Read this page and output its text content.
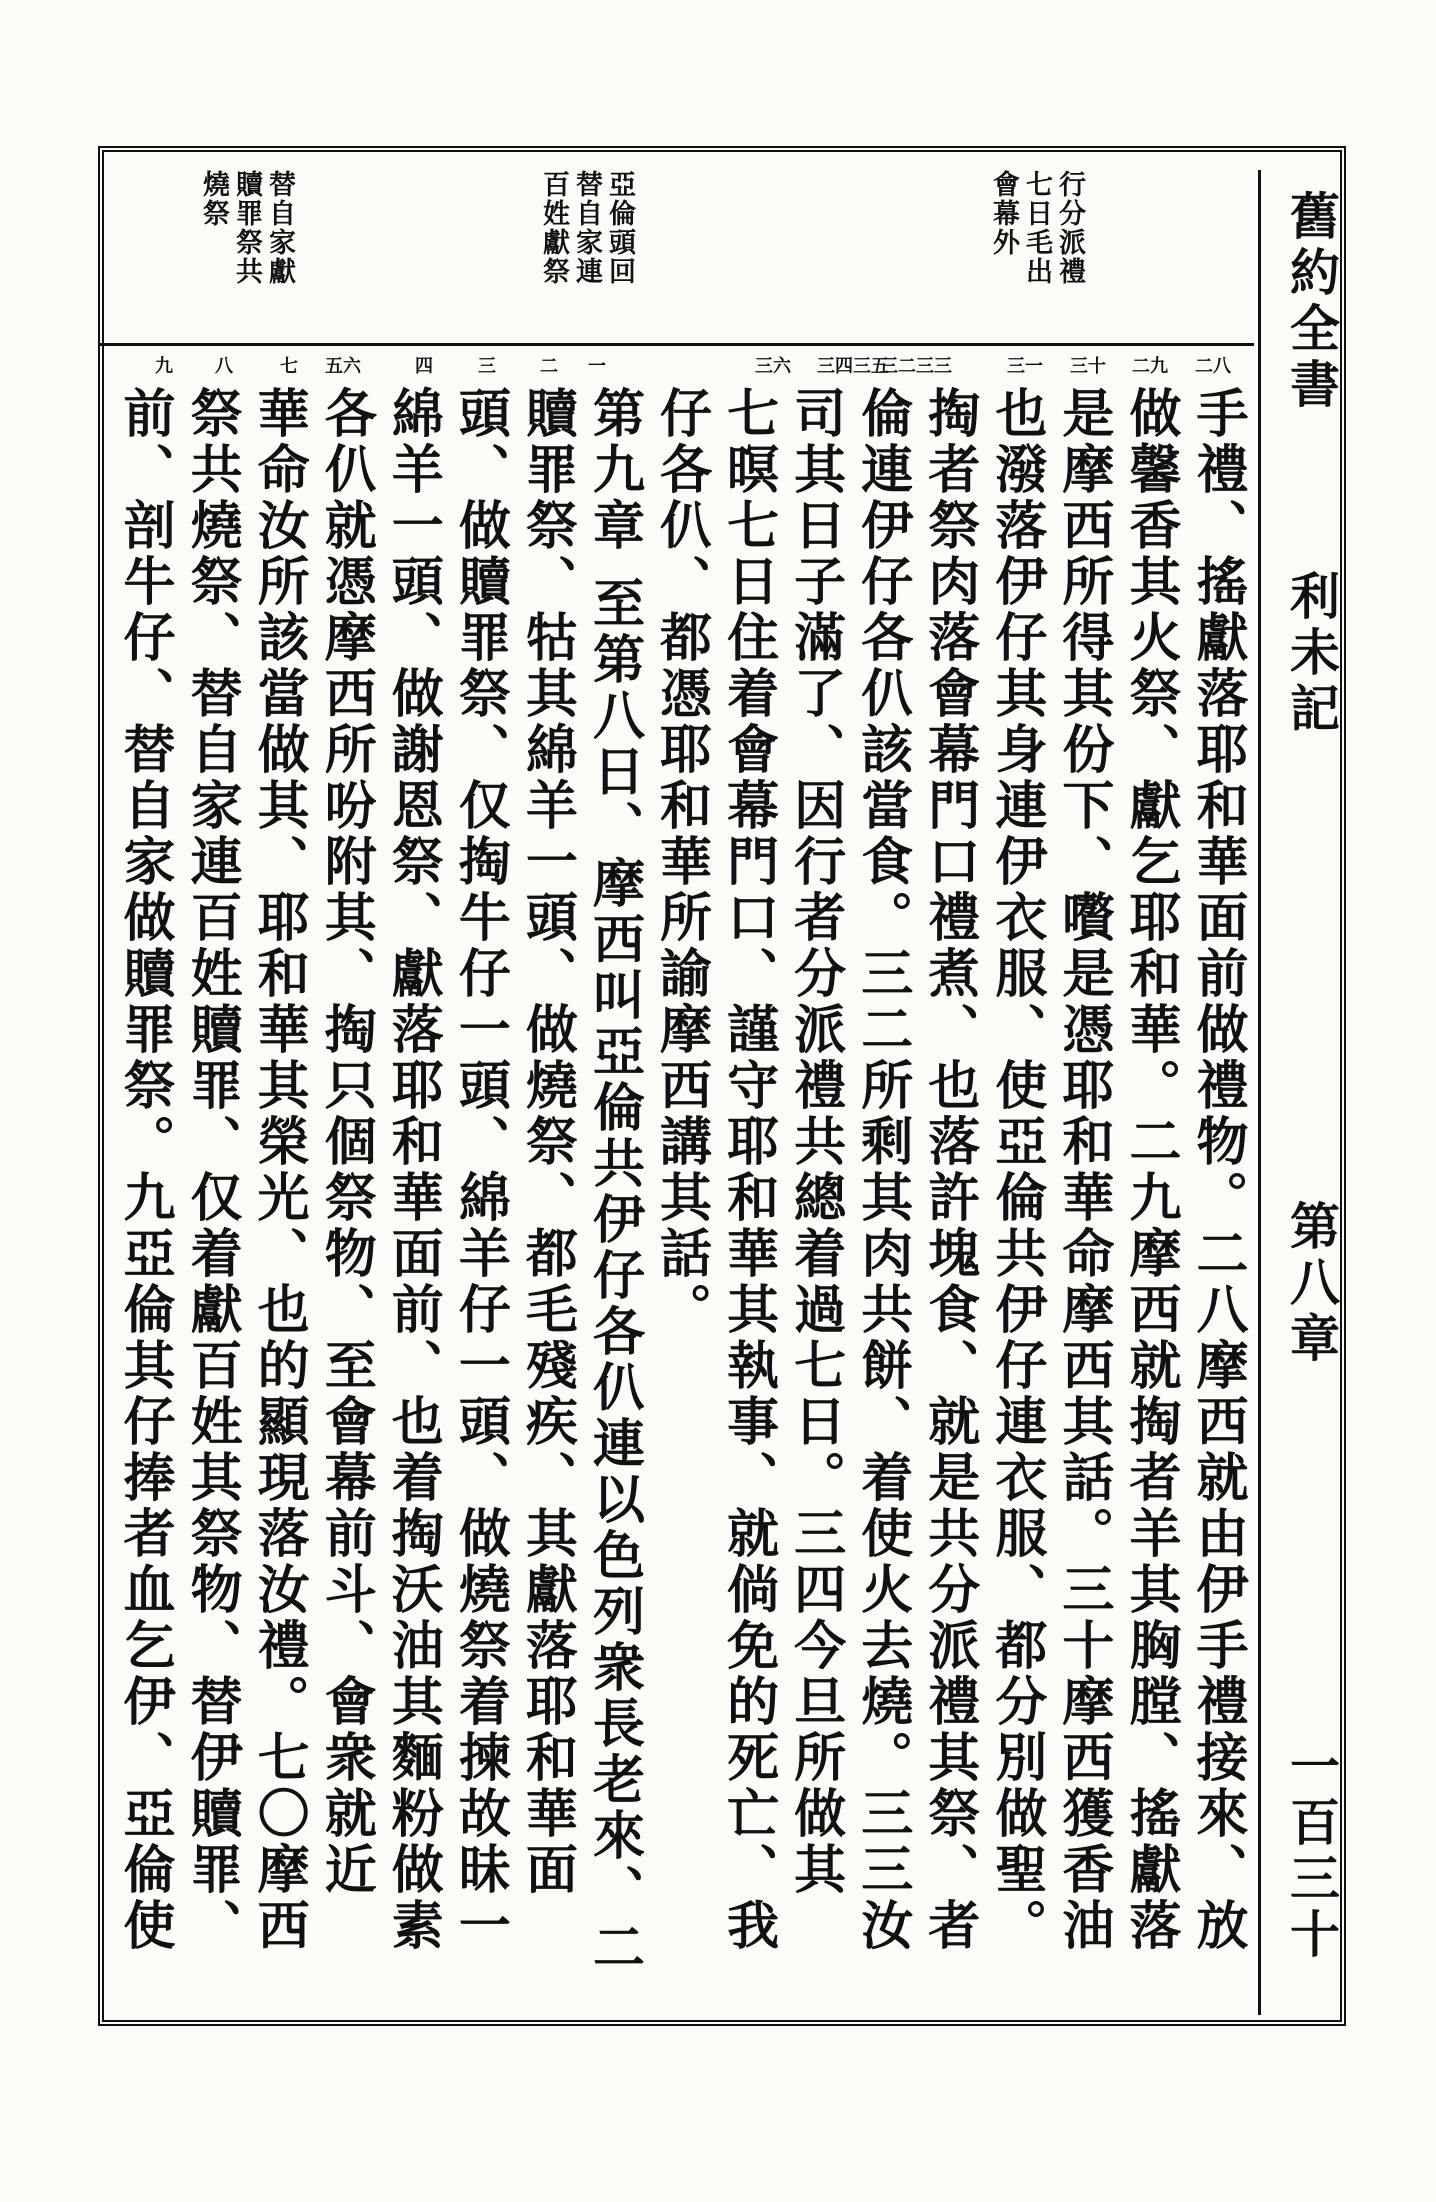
行分派禮
七日毛出
會幕外
亞倫頭回
替自家連
百姓獻祭
替自家獻
贖罪祭共
燒祭	舊約全書
利未記
第八章
一百三十
二八
二九
三十
三一
三二三三
三四三五
三六
一
二
三
四
五六
七
八
九
手禮、搖獻落耶和華面前做禮物。二八摩西就由伊手禮接來、放
做馨香其火祭、獻乞耶和華。二九摩西就掏者羊其胸膛、搖獻落
是摩西所得其份下、嚽是憑耶和華命摩西其話。三十摩西獲香油
也潑落伊仔其身連伊衣服、使亞倫共伊仔連衣服、都分別做聖。
掏者祭肉落會幕門口禮煮、也落許塊食、就是共分派禮其祭、者
倫連伊仔各仈該當食。三二所剩其肉共餅、着使火去燒。三三汝
司其日子滿了、因行者分派禮共總着過七日。三四今旦所做其
七暝七日住着會幕門口、謹守耶和華其執事、就倘免的死亡、我
仔各仈、都憑耶和華所諭摩西講其話。
第九章 至第八日、摩西叫亞倫共伊仔各仈連以色列衆長老來、二
贖罪祭、牯其綿羊一頭、做燒祭、都毛殘疾、其獻落耶和華面
頭、做贖罪祭、仅掏牛仔一頭、綿羊仔一頭、做燒祭着揀故昧一
綿羊一頭、做謝恩祭、獻落耶和華面前、也着掏沃油其麵粉做素
各仈就憑摩西所吩附其、掏只個祭物、至會幕前斗、會衆就近
華命汝所該當做其、耶和華其榮光、也的顯現落汝禮。七〇摩西
祭共燒祭、替自家連百姓贖罪、仅着獻百姓其祭物、替伊贖罪、
前、剖牛仔、替自家做贖罪祭。九亞倫其仔捧者血乞伊、亞倫使
